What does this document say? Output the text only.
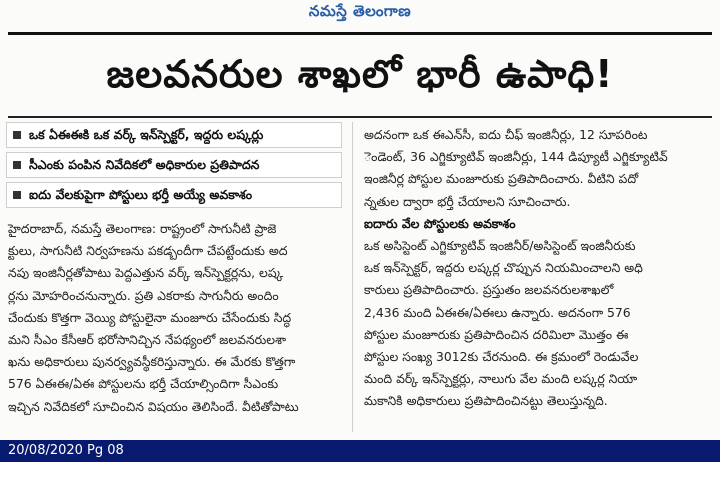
నమస్తే తెలంగాణ
జలవనరుల శాఖలో భారీ ఉపాధి!
ఒక ఏఈఈకి ఒక వర్క్ ఇన్‌స్పెక్టర్, ఇద్దరు లష్కర్లు
సీఎంకు పంపిన నివేదికలో అధికారుల ప్రతిపాదన
ఐదు వేలకుపైగా పోస్టులు భర్తీ అయ్యే అవకాశం

హైదరాబాద్, నమస్తే తెలంగాణ: రాష్ట్రంలో సాగునీటి ప్రాజె

క్టులు, సాగునీటి నిర్వహణను పకడ్బందీగా చేపట్టేందుకు అద

నపు ఇంజినీర్లతోపాటు పెద్దఎత్తున వర్క్ ఇన్‌స్పెక్టర్లను, లష్క

ర్లను మోహరించనున్నారు. ప్రతి ఎకరాకు సాగునీరు అందిం

చేందుకు కొత్తగా వెయ్యి పోస్టులైనా మంజూరు చేసేందుకు సిద్ధ

మని సీఎం కేసీఆర్ భరోసానిచ్చిన నేపథ్యంలో జలవనరులశా

ఖను అధికారులు పునర్వ్యవస్థీకరిస్తున్నారు. ఈ మేరకు కొత్తగా

576 ఏఈఈ/ఏఈ పోస్టులను భర్తీ చేయాల్సిందిగా సీఎంకు

ఇచ్చిన నివేదికలో సూచించిన విషయం తెలిసిందే. వీటితోపాటు

అదనంగా ఒక ఈఎన్‌సీ, ఐదు చీఫ్ ఇంజినీర్లు, 12 సూపరింట

ెండెంట్, 36 ఎగ్జిక్యూటివ్ ఇంజినీర్లు, 144 డిప్యూటీ ఎగ్జిక్యూటివ్

ఇంజినీర్ల పోస్టుల మంజూరుకు ప్రతిపాదించారు. వీటిని పదో

న్నతుల ద్వారా భర్తీ చేయాలని సూచించారు.

ఐదారు వేల పోస్టులకు అవకాశం

ఒక అసిస్టెంట్ ఎగ్జిక్యూటివ్ ఇంజినీర్/అసిస్టెంట్ ఇంజినీరుకు

ఒక ఇన్‌స్పెక్టర్, ఇద్దరు లష్కర్ల చొప్పున నియమించాలని అధి

కారులు ప్రతిపాదించారు. ప్రస్తుతం జలవనరులశాఖలో

2,436 మంది ఏఈఈ/ఏఈలు ఉన్నారు. అదనంగా 576

పోస్టుల మంజూరుకు ప్రతిపాదించిన దరిమిలా మొత్తం ఈ

పోస్టుల సంఖ్య 3012కు చేరనుంది. ఈ క్రమంలో రెండువేల

మంది వర్క్ ఇన్‌స్పెక్టర్లు, నాలుగు వేల మంది లష్కర్ల నియా

మకానికి అధికారులు ప్రతిపాదించినట్టు తెలుస్తున్నది.

20/08/2020 Pg 08
